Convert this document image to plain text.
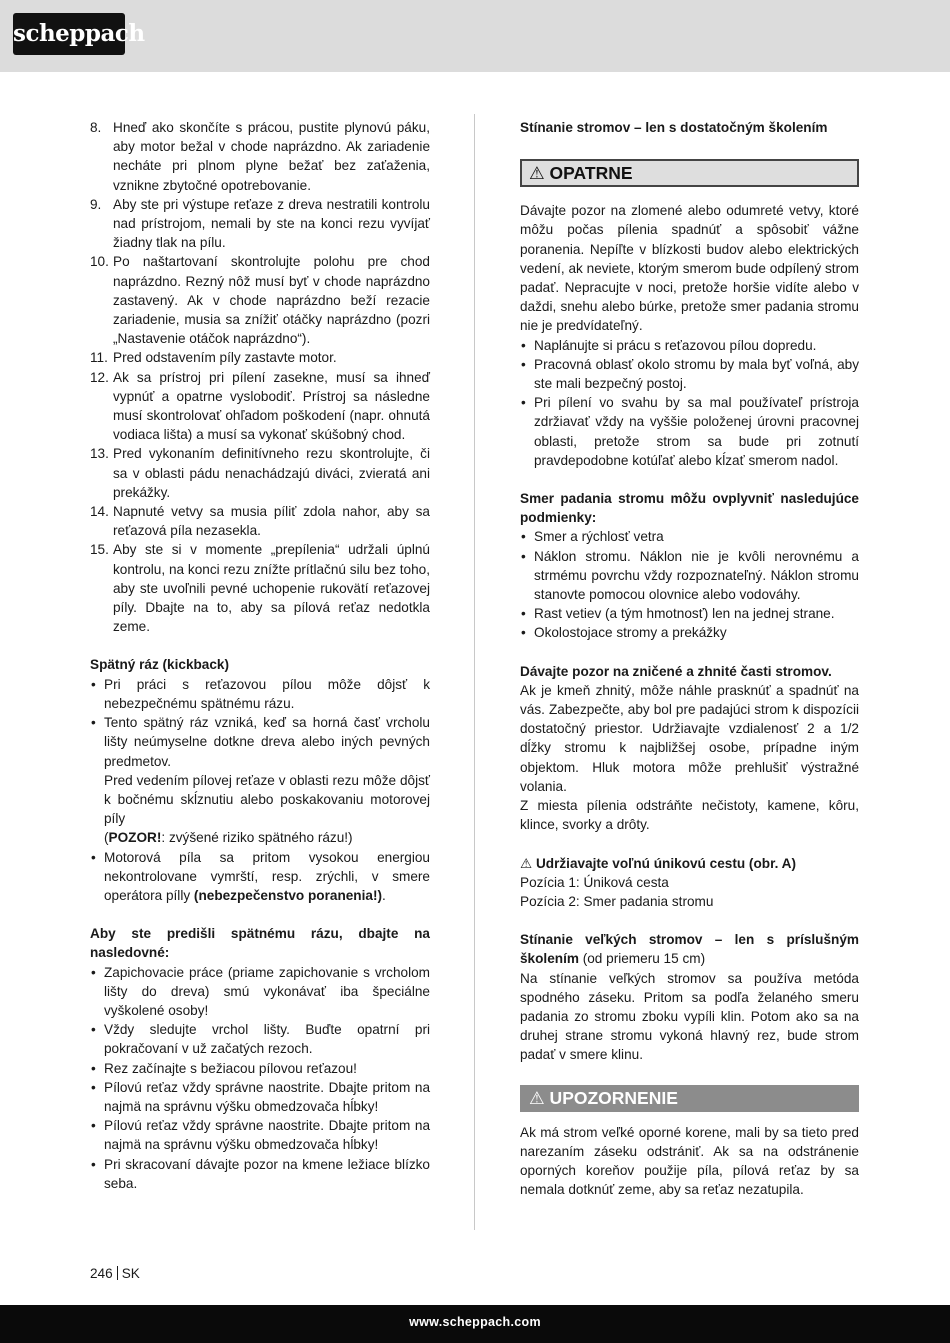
scheppach
8. Hneď ako skončíte s prácou, pustite plynovú páku, aby motor bežal v chode naprázdno. Ak zariadenie necháte pri plnom plyne bežať bez zaťaženia, vznikne zbytočné opotrebovanie.
9. Aby ste pri výstupe reťaze z dreva nestratili kontrolu nad prístrojom, nemali by ste na konci rezu vyvíjať žiadny tlak na pílu.
10. Po naštartovaní skontrolujte polohu pre chod naprázdno. Rezný nôž musí byť v chode naprázdno zastavený. Ak v chode naprázdno beží rezacie zariadenie, musia sa znížiť otáčky naprázdno (pozri „Nastavenie otáčok naprázdno“).
11. Pred odstavením píly zastavte motor.
12. Ak sa prístroj pri pílení zasekne, musí sa ihneď vypnúť a opatrne vyslobodiť. Prístroj sa následne musí skontrolovať ohľadom poškodení (napr. ohnutá vodiaca lišta) a musí sa vykonať skúšobný chod.
13. Pred vykonaním definitívneho rezu skontrolujte, či sa v oblasti pádu nenachádzajú diváci, zvieratá ani prekážky.
14. Napnuté vetvy sa musia píliť zdola nahor, aby sa reťazová píla nezasekla.
15. Aby ste si v momente „prepílenia“ udržali úplnú kontrolu, na konci rezu znížte prítlačnú silu bez toho, aby ste uvoľnili pevné uchopenie rukovätí reťazovej píly. Dbajte na to, aby sa pílová reťaz nedotkla zeme.

Spätný ráz (kickback)

• Pri práci s reťazovou pílou môže dôjsť k nebezpečnému spätnému rázu.
• Tento spätný ráz vzniká, keď sa horná časť vrcholu lišty neúmyselne dotkne dreva alebo iných pevných predmetov.

Pred vedením pílovej reťaze v oblasti rezu môže dôjsť k bočnému skĺznutiu alebo poskakovaniu motorovej píly

(POZOR!: zvýšené riziko spätného rázu!)

• Motorová píla sa pritom vysokou energiou nekontrolovane vymrští, resp. zrýchli, v smere operátora pílly (nebezpečenstvo poranenia!).

Aby ste predišli spätnému rázu, dbajte na nasledovné:

• Zapichovacie práce (priame zapichovanie s vrcholom lišty do dreva) smú vykonávať iba špeciálne vyškolené osoby!
• Vždy sledujte vrchol lišty. Buďte opatrní pri pokračovaní v už začatých rezoch.
• Rez začínajte s bežiacou pílovou reťazou!
• Pílovú reťaz vždy správne naostrite. Dbajte pritom na najmä na správnu výšku obmedzovača hĺbky!
• Pílovú reťaz vždy správne naostrite. Dbajte pritom na najmä na správnu výšku obmedzovača hĺbky!
• Pri skracovaní dávajte pozor na kmene ležiace blízko seba.

Stínanie stromov – len s dostatočným školením

⚠ OPATRNE

Dávajte pozor na zlomené alebo odumreté vetvy, ktoré môžu počas pílenia spadnúť a spôsobiť vážne poranenia. Nepíľte v blízkosti budov alebo elektrických vedení, ak neviete, ktorým smerom bude odpílený strom padať. Nepracujte v noci, pretože horšie vidíte alebo v daždi, snehu alebo búrke, pretože smer padania stromu nie je predvídateľný.

• Naplánujte si prácu s reťazovou pílou dopredu.
• Pracovná oblasť okolo stromu by mala byť voľná, aby ste mali bezpečný postoj.
• Pri pílení vo svahu by sa mal používateľ prístroja zdržiavať vždy na vyššie položenej úrovni pracovnej oblasti, pretože strom sa bude pri zotnutí pravdepodobne kotúľať alebo kĺzať smerom nadol.

Smer padania stromu môžu ovplyvniť nasledujúce podmienky:

• Smer a rýchlosť vetra
• Náklon stromu. Náklon nie je kvôli nerovnému a strmému povrchu vždy rozpoznateľný. Náklon stromu stanovte pomocou olovnice alebo vodováhy.
• Rast vetiev (a tým hmotnosť) len na jednej strane.
• Okolostojace stromy a prekážky

Dávajte pozor na zničené a zhnité časti stromov.

Ak je kmeň zhnitý, môže náhle prasknúť a spadnúť na vás. Zabezpečte, aby bol pre padajúci strom k dispozícii dostatočný priestor. Udržiavajte vzdialenosť 2 a 1/2 dĺžky stromu k najbližšej osobe, prípadne iným objektom. Hluk motora môže prehlušiť výstražné volania.

Z miesta pílenia odstráňte nečistoty, kamene, kôru, klince, svorky a drôty.

⚠ Udržiavajte voľnú únikovú cestu (obr. A)

Pozícia 1: Úniková cesta

Pozícia 2: Smer padania stromu

Stínanie veľkých stromov – len s príslušným školením (od priemeru 15 cm)

Na stínanie veľkých stromov sa používa metóda spodného záseku. Pritom sa podľa želaného smeru padania zo stromu zboku vypíli klin. Potom ako sa na druhej strane stromu vykoná hlavný rez, bude strom padať v smere klinu.

⚠ UPOZORNENIE

Ak má strom veľké oporné korene, mali by sa tieto pred narezaním záseku odstrániť. Ak sa na odstránenie oporných koreňov použije píla, pílová reťaz by sa nemala dotknúť zeme, aby sa reťaz nezatupila.

246 SK
www.scheppach.com
